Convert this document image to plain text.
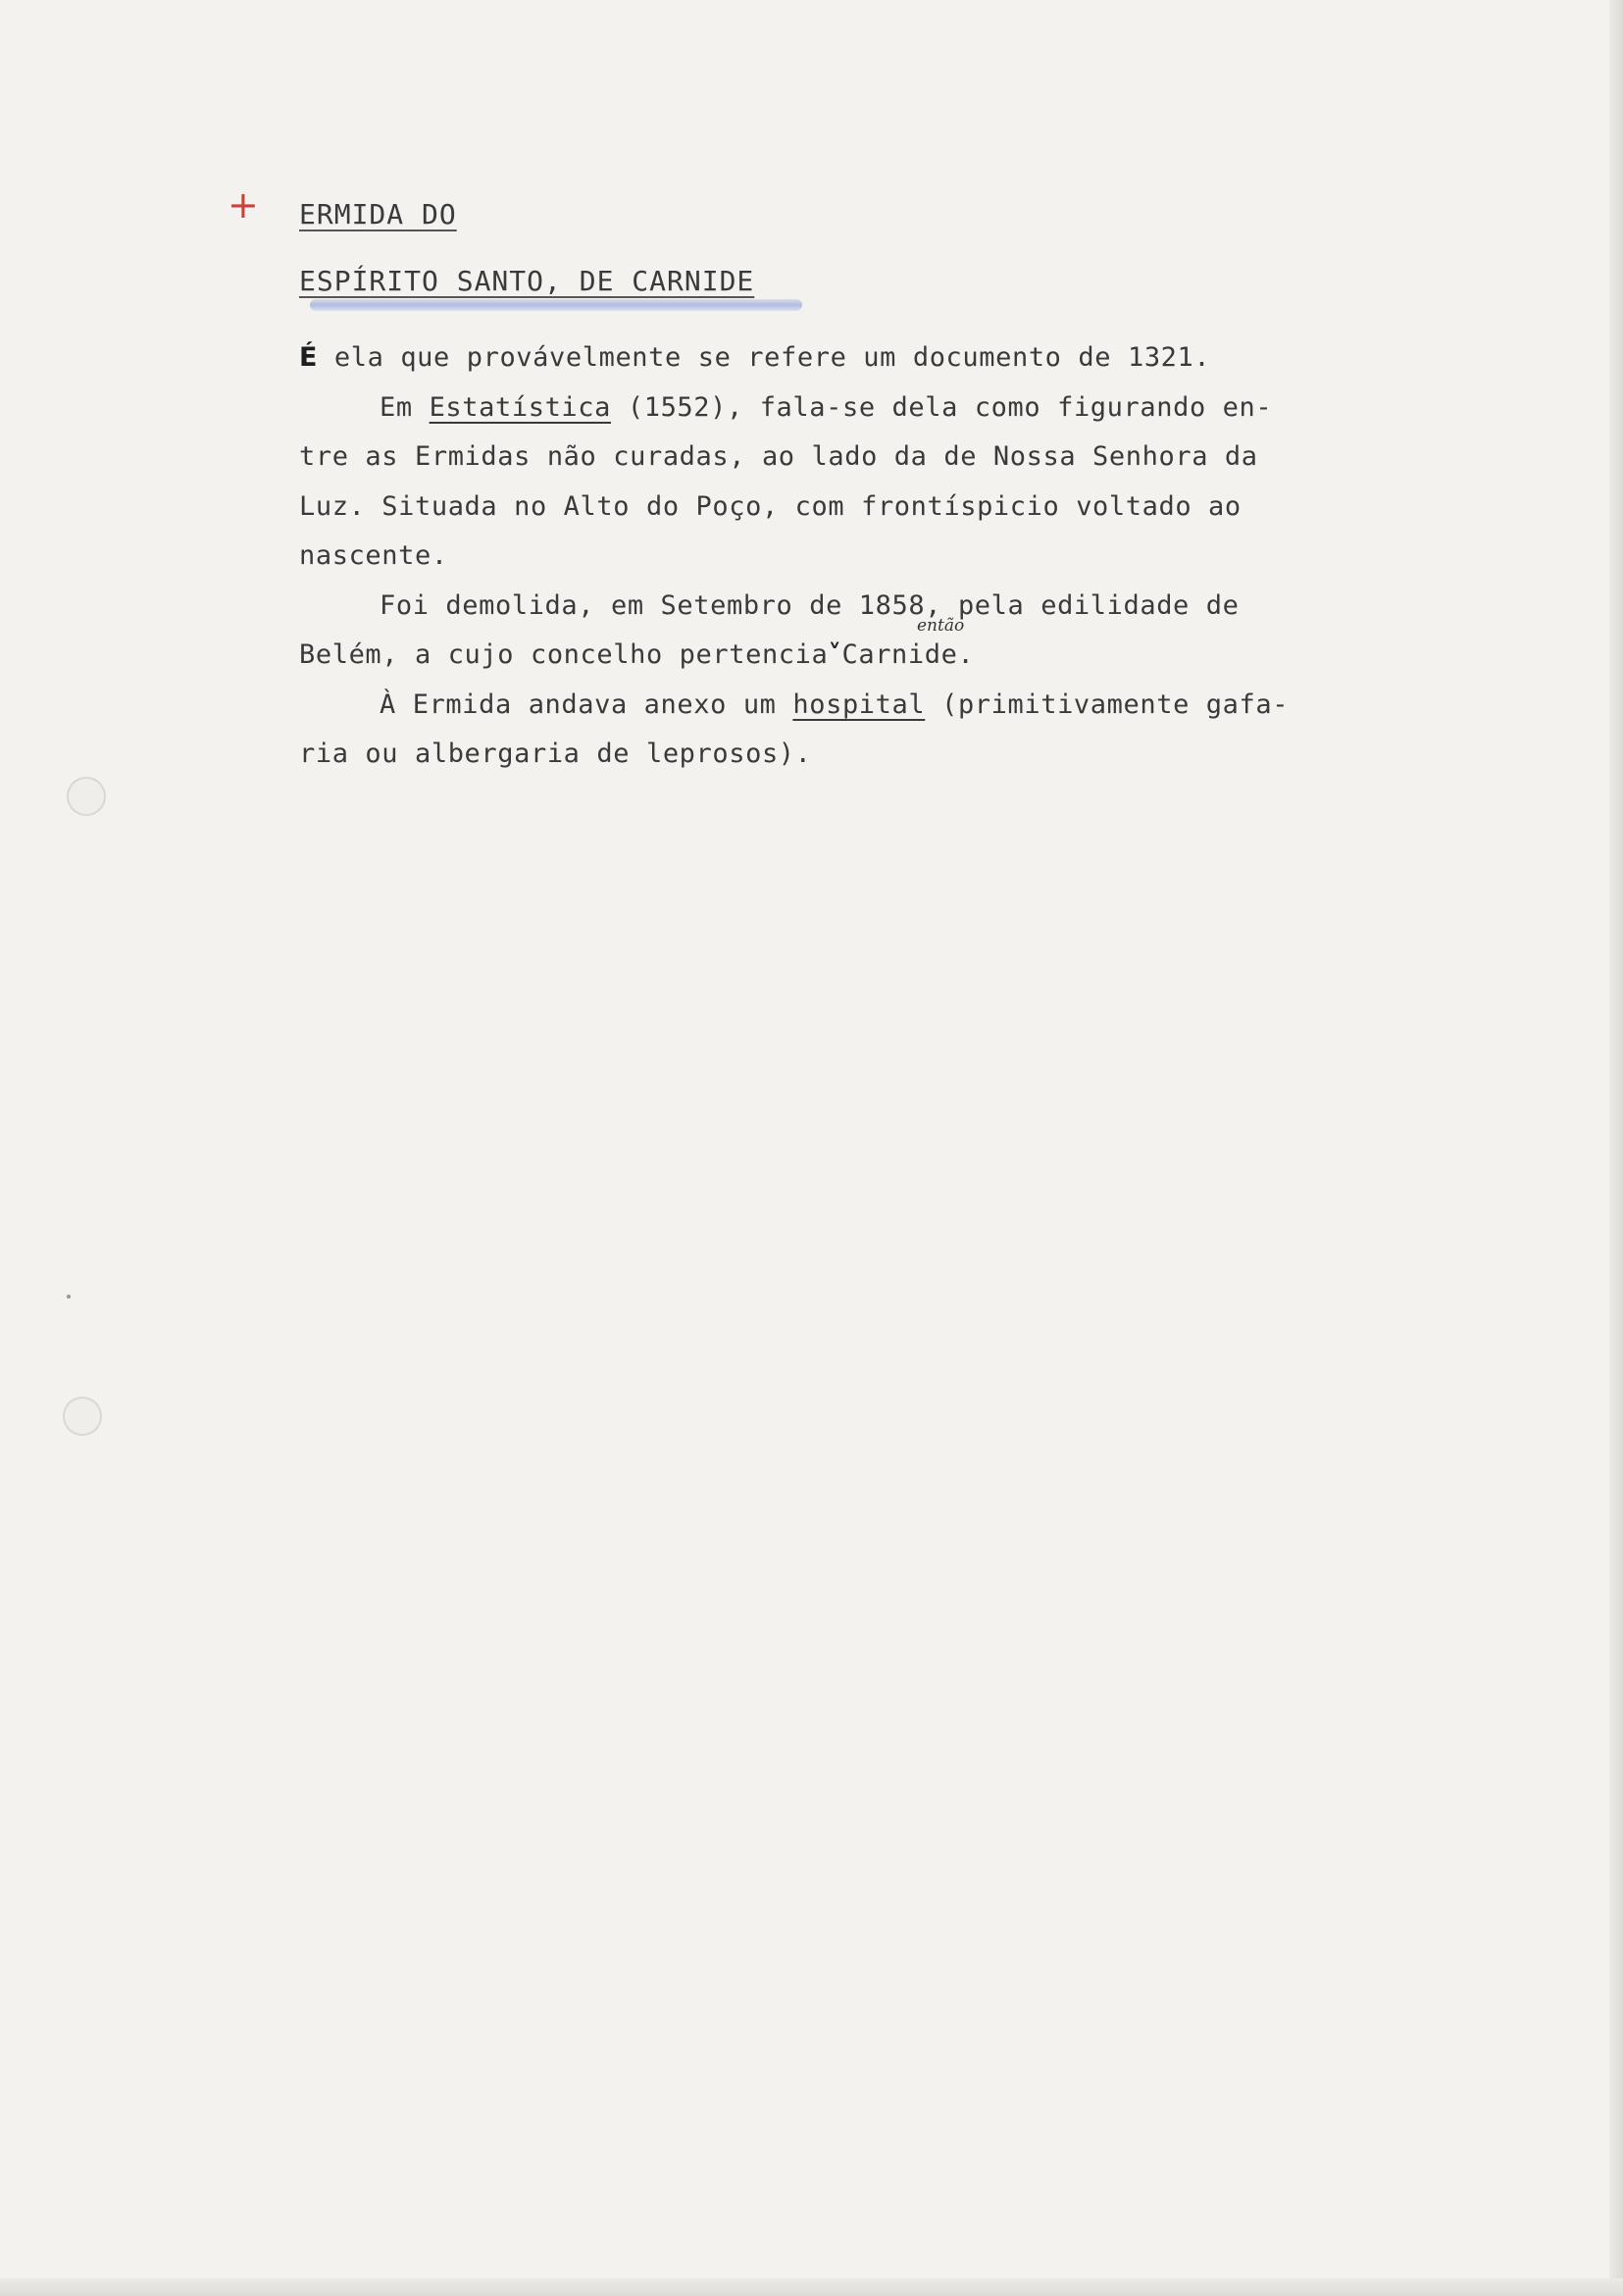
+ ERMIDA DO
ESPÍRITO SANTO, DE CARNIDE
então
É ela que provávelmente se refere um documento de 1321.
Em Estatística (1552), fala-se dela como figurando en-
tre as Ermidas não curadas, ao lado da de Nossa Senhora da
Luz. Situada no Alto do Poço, com frontíspicio voltado ao
nascente.
Foi demolida, em Setembro de 1858, pela edilidade de
Belém, a cujo concelho pertencia˅Carnide.
À Ermida andava anexo um hospital (primitivamente gafa-
ria ou albergaria de leprosos).
